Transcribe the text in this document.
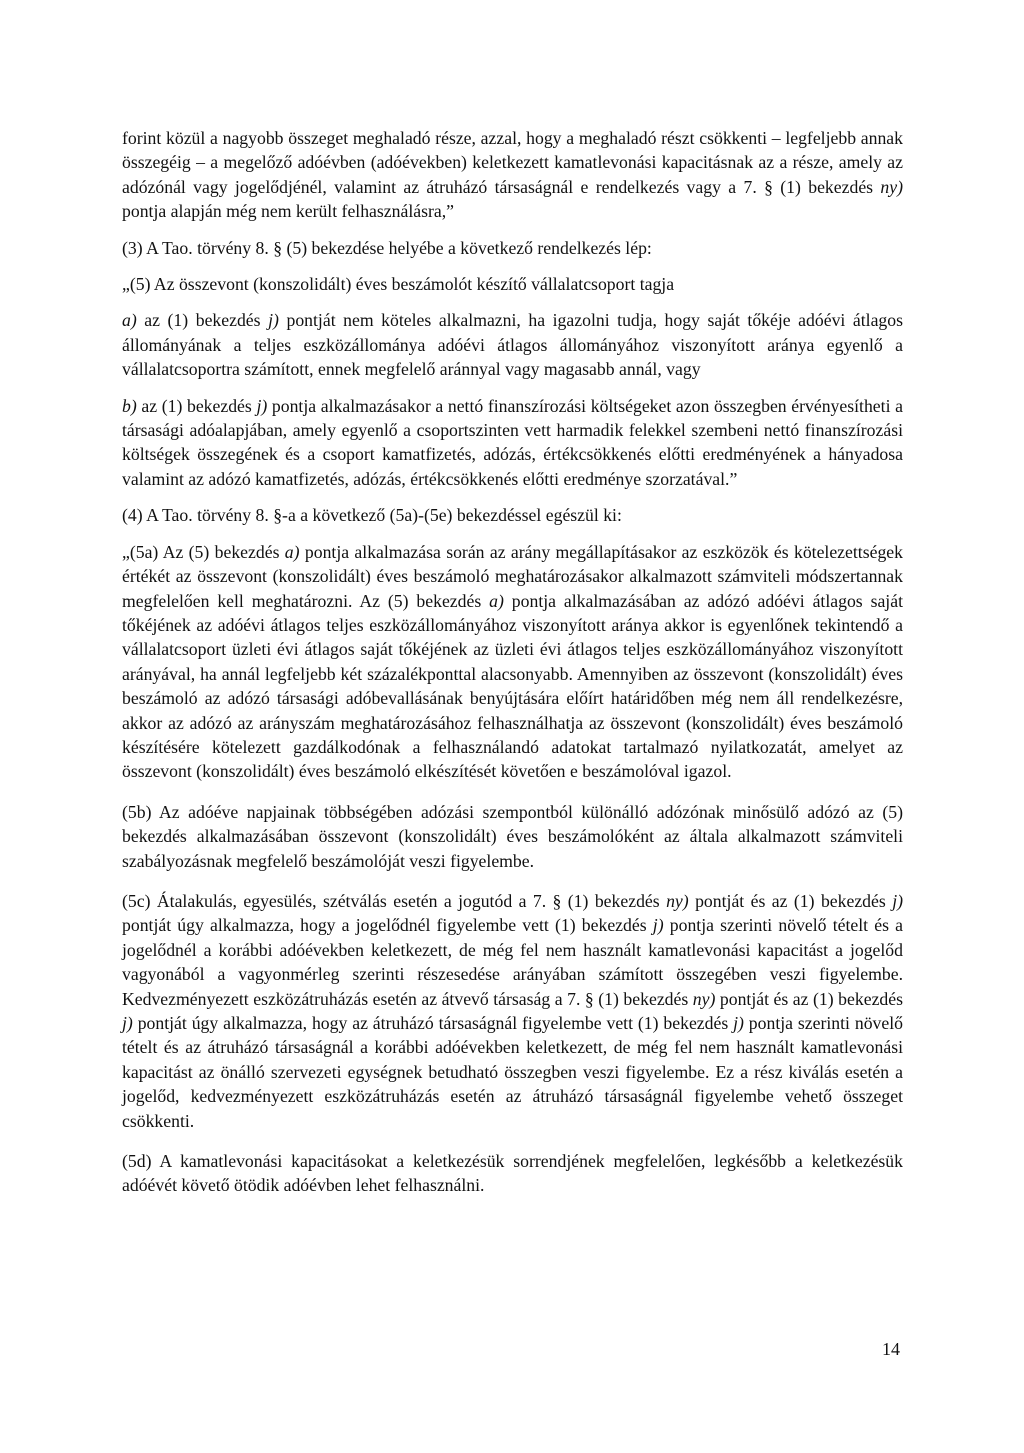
forint közül a nagyobb összeget meghaladó része, azzal, hogy a meghaladó részt csökkenti – legfeljebb annak összegéig – a megelőző adóévben (adóévekben) keletkezett kamatlevonási kapacitásnak az a része, amely az adózónál vagy jogelődjénél, valamint az átruházó társaságnál e rendelkezés vagy a 7. § (1) bekezdés ny) pontja alapján még nem került felhasználásra,”

(3) A Tao. törvény 8. § (5) bekezdése helyébe a következő rendelkezés lép:

„(5) Az összevont (konszolidált) éves beszámolót készítő vállalatcsoport tagja

a) az (1) bekezdés j) pontját nem köteles alkalmazni, ha igazolni tudja, hogy saját tőkéje adóévi átlagos állományának a teljes eszközállománya adóévi átlagos állományához viszonyított aránya egyenlő a vállalatcsoportra számított, ennek megfelelő aránnyal vagy magasabb annál, vagy

b) az (1) bekezdés j) pontja alkalmazásakor a nettó finanszírozási költségeket azon összegben érvényesítheti a társasági adóalapjában, amely egyenlő a csoportszinten vett harmadik felekkel szembeni nettó finanszírozási költségek összegének és a csoport kamatfizetés, adózás, értékcsökkenés előtti eredményének a hányadosa valamint az adózó kamatfizetés, adózás, értékcsökkenés előtti eredménye szorzatával.”

(4) A Tao. törvény 8. §-a a következő (5a)-(5e) bekezdéssel egészül ki:

„(5a) Az (5) bekezdés a) pontja alkalmazása során az arány megállapításakor az eszközök és kötelezettségek értékét az összevont (konszolidált) éves beszámoló meghatározásakor alkalmazott számviteli módszertannak megfelelően kell meghatározni. Az (5) bekezdés a) pontja alkalmazásában az adózó adóévi átlagos saját tőkéjének az adóévi átlagos teljes eszközállományához viszonyított aránya akkor is egyenlőnek tekintendő a vállalatcsoport üzleti évi átlagos saját tőkéjének az üzleti évi átlagos teljes eszközállományához viszonyított arányával, ha annál legfeljebb két százalékponttal alacsonyabb. Amennyiben az összevont (konszolidált) éves beszámoló az adózó társasági adóbevallásának benyújtására előírt határidőben még nem áll rendelkezésre, akkor az adózó az arányszám meghatározásához felhasználhatja az összevont (konszolidált) éves beszámoló készítésére kötelezett gazdálkodónak a felhasználandó adatokat tartalmazó nyilatkozatát, amelyet az összevont (konszolidált) éves beszámoló elkészítését követően e beszámolóval igazol.

(5b) Az adóéve napjainak többségében adózási szempontból különálló adózónak minősülő adózó az (5) bekezdés alkalmazásában összevont (konszolidált) éves beszámolóként az általa alkalmazott számviteli szabályozásnak megfelelő beszámolóját veszi figyelembe.

(5c) Átalakulás, egyesülés, szétválás esetén a jogutód a 7. § (1) bekezdés ny) pontját és az (1) bekezdés j) pontját úgy alkalmazza, hogy a jogelődnél figyelembe vett (1) bekezdés j) pontja szerinti növelő tételt és a jogelődnél a korábbi adóévekben keletkezett, de még fel nem használt kamatlevonási kapacitást a jogelőd vagyonából a vagyonmérleg szerinti részesedése arányában számított összegében veszi figyelembe. Kedvezményezett eszközátruházás esetén az átvevő társaság a 7. § (1) bekezdés ny) pontját és az (1) bekezdés j) pontját úgy alkalmazza, hogy az átruházó társaságnál figyelembe vett (1) bekezdés j) pontja szerinti növelő tételt és az átruházó társaságnál a korábbi adóévekben keletkezett, de még fel nem használt kamatlevonási kapacitást az önálló szervezeti egységnek betudható összegben veszi figyelembe. Ez a rész kiválás esetén a jogelőd, kedvezményezett eszközátruházás esetén az átruházó társaságnál figyelembe vehető összeget csökkenti.

(5d) A kamatlevonási kapacitásokat a keletkezésük sorrendjének megfelelően, legkésőbb a keletkezésük adóévét követő ötödik adóévben lehet felhasználni.

14
